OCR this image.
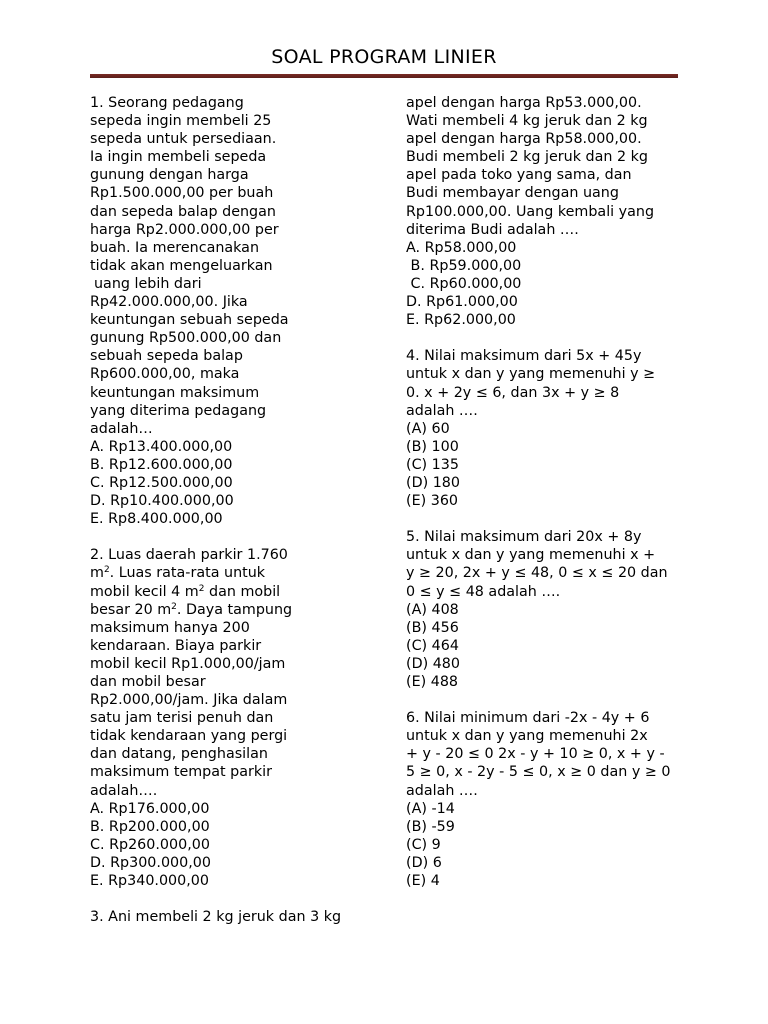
SOAL PROGRAM LINIER
1. Seorang pedagang
sepeda ingin membeli 25
sepeda untuk persediaan.
Ia ingin membeli sepeda
gunung dengan harga
Rp1.500.000,00 per buah
dan sepeda balap dengan
harga Rp2.000.000,00 per
buah. Ia merencanakan
tidak akan mengeluarkan
uang lebih dari
Rp42.000.000,00. Jika
keuntungan sebuah sepeda
gunung Rp500.000,00 dan
sebuah sepeda balap
Rp600.000,00, maka
keuntungan maksimum
yang diterima pedagang
adalah…
A. Rp13.400.000,00
B. Rp12.600.000,00
C. Rp12.500.000,00
D. Rp10.400.000,00
E. Rp8.400.000,00
2. Luas daerah parkir 1.760
$m^2$. Luas rata-rata untuk
mobil kecil 4 $m^2$ dan mobil
besar 20 $m^2$. Daya tampung
maksimum hanya 200
kendaraan. Biaya parkir
mobil kecil Rp1.000,00/jam
dan mobil besar
Rp2.000,00/jam. Jika dalam
satu jam terisi penuh dan
tidak kendaraan yang pergi
dan datang, penghasilan
maksimum tempat parkir
adalah….
A. Rp176.000,00
B. Rp200.000,00
C. Rp260.000,00
D. Rp300.000,00
E. Rp340.000,00
3. Ani membeli 2 kg jeruk dan 3 kg
apel dengan harga Rp53.000,00.
Wati membeli 4 kg jeruk dan 2 kg
apel dengan harga Rp58.000,00.
Budi membeli 2 kg jeruk dan 2 kg
apel pada toko yang sama, dan
Budi membayar dengan uang
Rp100.000,00. Uang kembali yang
diterima Budi adalah ….
A. Rp58.000,00
B. Rp59.000,00
C. Rp60.000,00
D. Rp61.000,00
E. Rp62.000,00
4. Nilai maksimum dari 5x + 45y
untuk x dan y yang memenuhi y ≥
0. x + 2y ≤ 6, dan 3x + y ≥ 8
adalah ….
(A) 60
(B) 100
(C) 135
(D) 180
(E) 360
5. Nilai maksimum dari 20x + 8y
untuk x dan y yang memenuhi x +
y ≥ 20, 2x + y ≤ 48, 0 ≤ x ≤ 20 dan
0 ≤ y ≤ 48 adalah ….
(A) 408
(B) 456
(C) 464
(D) 480
(E) 488
6. Nilai minimum dari -2x - 4y + 6
untuk x dan y yang memenuhi 2x
+ y - 20 ≤ 0 2x - y + 10 ≥ 0, x + y -
5 ≥ 0, x - 2y - 5 ≤ 0, x ≥ 0 dan y ≥ 0
adalah ….
(A) -14
(B) -59
(C) 9
(D) 6
(E) 4
